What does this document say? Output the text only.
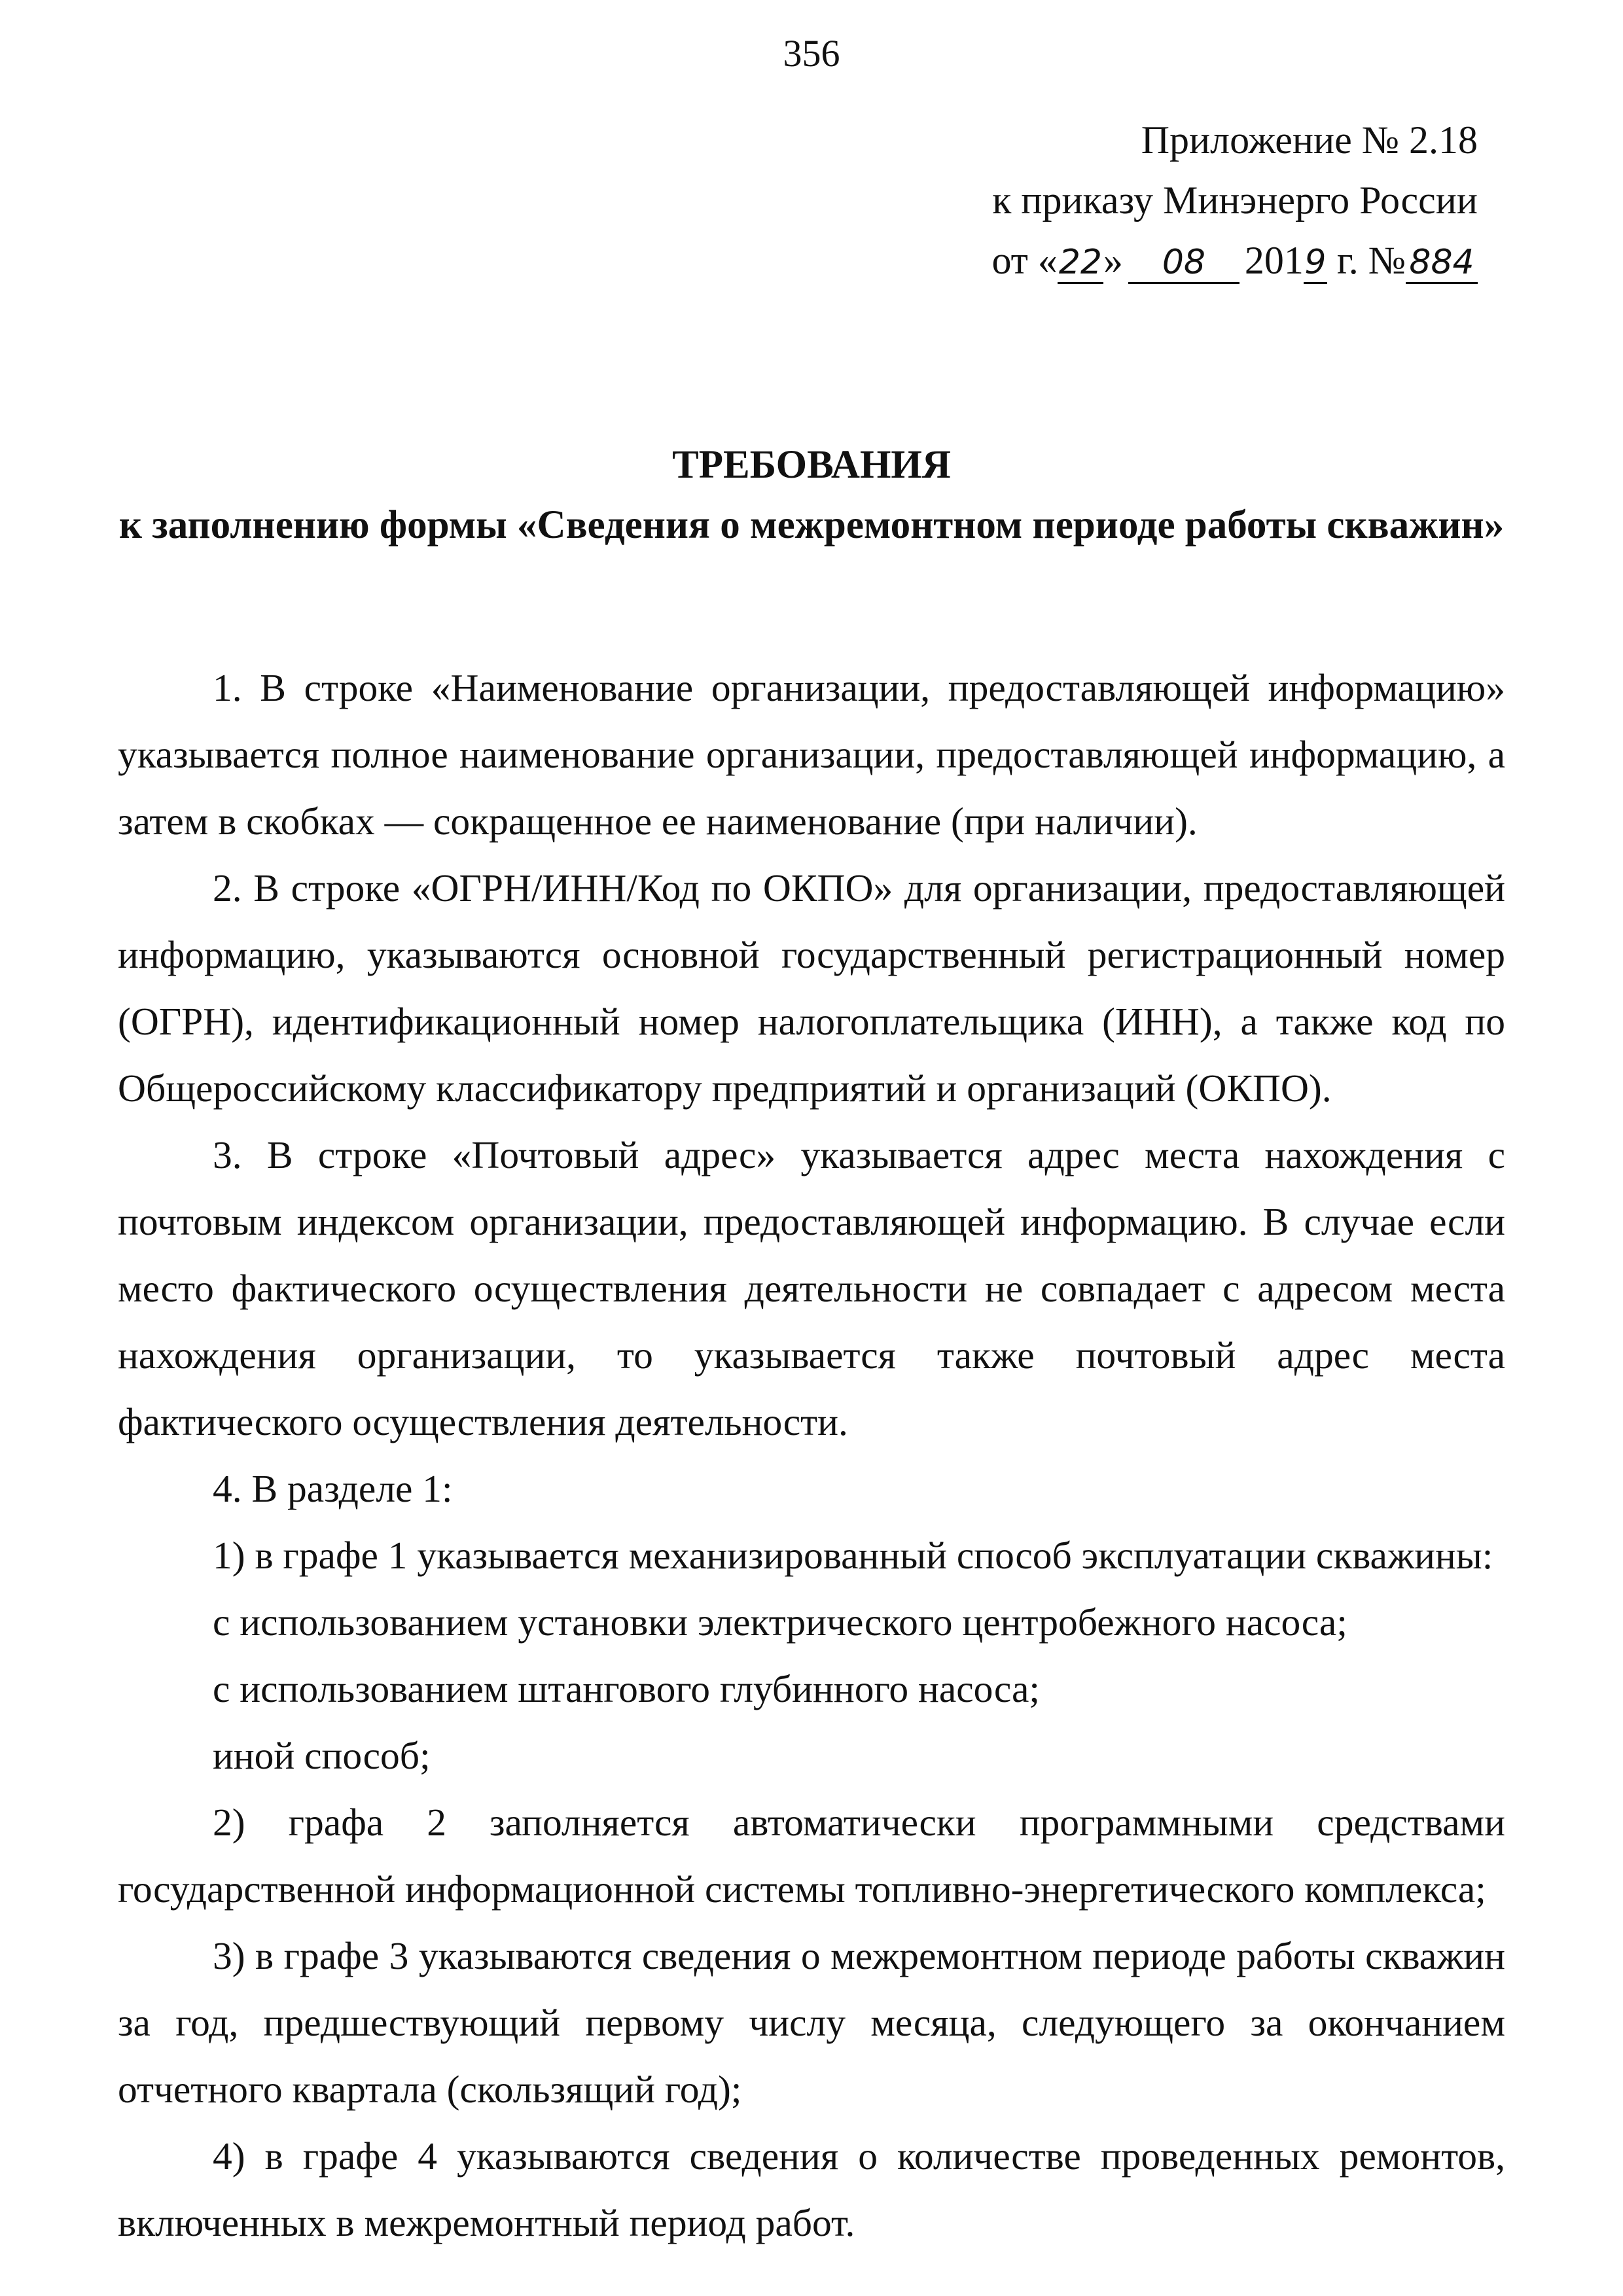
356
Приложение № 2.18
к приказу Минэнерго России
от «22» 08 2019 г. № 884
ТРЕБОВАНИЯ
к заполнению формы «Сведения о межремонтном периоде работы скважин»

1. В строке «Наименование организации, предоставляющей информацию» указывается полное наименование организации, предоставляющей информацию, а затем в скобках — сокращенное ее наименование (при наличии).

2. В строке «ОГРН/ИНН/Код по ОКПО» для организации, предоставляющей информацию, указываются основной государственный регистрационный номер (ОГРН), идентификационный номер налогоплательщика (ИНН), а также код по Общероссийскому классификатору предприятий и организаций (ОКПО).

3. В строке «Почтовый адрес» указывается адрес места нахождения с почтовым индексом организации, предоставляющей информацию. В случае если место фактического осуществления деятельности не совпадает с адресом места нахождения организации, то указывается также почтовый адрес места фактического осуществления деятельности.

4. В разделе 1:

1) в графе 1 указывается механизированный способ эксплуатации скважины:

с использованием установки электрического центробежного насоса;

с использованием штангового глубинного насоса;

иной способ;

2) графа 2 заполняется автоматически программными средствами государственной информационной системы топливно-энергетического комплекса;

3) в графе 3 указываются сведения о межремонтном периоде работы скважин за год, предшествующий первому числу месяца, следующего за окончанием отчетного квартала (скользящий год);

4) в графе 4 указываются сведения о количестве проведенных ремонтов, включенных в межремонтный период работ.
